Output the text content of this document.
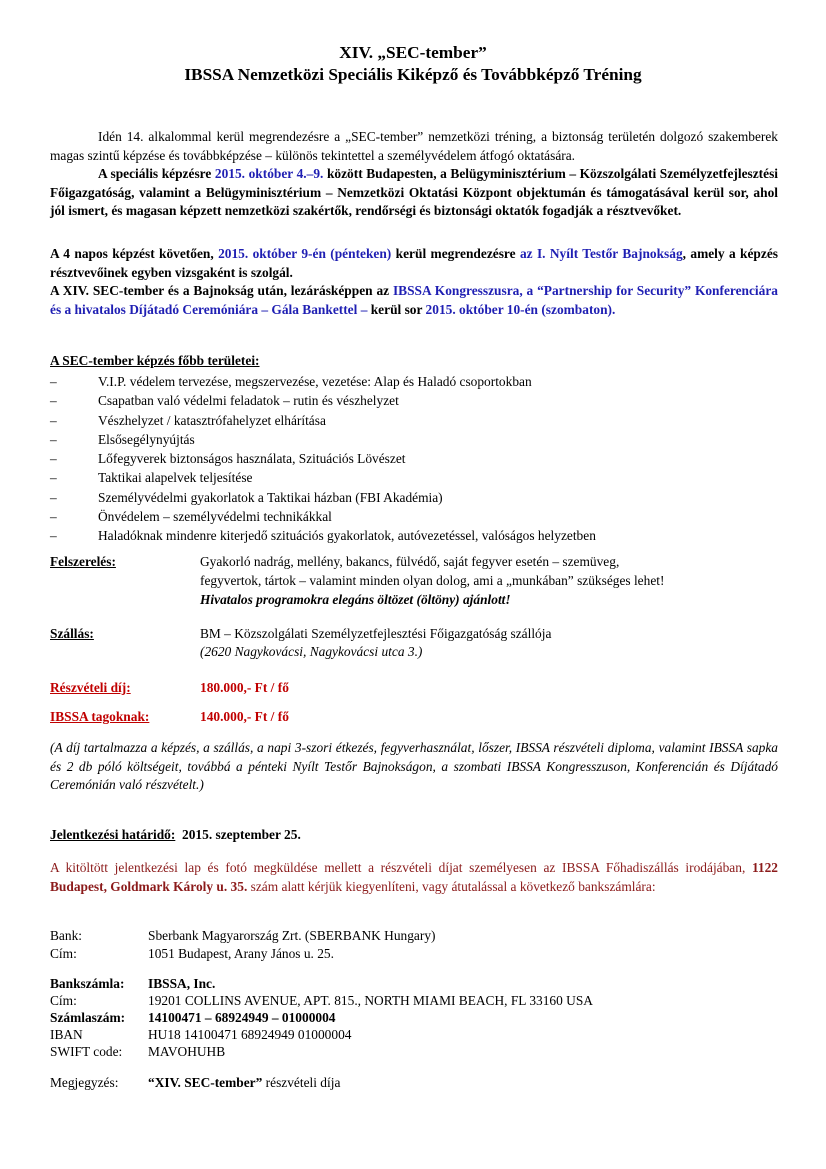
XIV. „SEC-tember”
IBSSA Nemzetközi Speciális Kiképző és Továbbképző Tréning
Idén 14. alkalommal kerül megrendezésre a „SEC-tember” nemzetközi tréning, a biztonság területén dolgozó szakemberek magas szintű képzése és továbbképzése – különös tekintettel a személyvédelem átfogó oktatására.
A speciális képzésre 2015. október 4.–9. között Budapesten, a Belügyminisztérium – Közszolgálati Személyzetfejlesztési Főigazgatóság, valamint a Belügyminisztérium – Nemzetközi Oktatási Központ objektumán és támogatásával kerül sor, ahol jól ismert, és magasan képzett nemzetközi szakértők, rendőrségi és biztonsági oktatók fogadják a résztvevőket.
A 4 napos képzést követően, 2015. október 9-én (pénteken) kerül megrendezésre az I. Nyílt Testőr Bajnokság, amely a képzés résztvevőinek egyben vizsgaként is szolgál.
A XIV. SEC-tember és a Bajnokság után, lezárásképpen az IBSSA Kongresszusra, a “Partnership for Security” Konferenciára és a hivatalos Díjátadó Ceremóniára – Gála Bankettel – kerül sor 2015. október 10-én (szombaton).
A SEC-tember képzés főbb területei:
–	V.I.P. védelem tervezése, megszervezése, vezetése: Alap és Haladó csoportokban
–	Csapatban való védelmi feladatok – rutin és vészhelyzet
–	Vészhelyzet / katasztrófahelyzet elhárítása
–	Elsősegélynyújtás
–	Lőfegyverek biztonságos használata, Szituációs Lövészet
–	Taktikai alapelvek teljesítése
–	Személyvédelmi gyakorlatok a Taktikai házban (FBI Akadémia)
–	Önvédelem – személyvédelmi technikákkal
–	Haladóknak mindenre kiterjedő szituációs gyakorlatok, autóvezetéssel, valóságos helyzetben
Felszerelés:	Gyakorló nadrág, mellény, bakancs, fülvédő, saját fegyver esetén – szemüveg,
fegyvertok, tártok – valamint minden olyan dolog, ami a „munkában” szükséges lehet!
Hivatalos programokra elegáns öltözet (öltöny) ajánlott!
Szállás:	BM – Közszolgálati Személyzetfejlesztési Főigazgatóság szállója
(2620 Nagykovácsi, Nagykovácsi utca 3.)
Részvételi díj:	180.000,- Ft / fő
IBSSA tagoknak:	140.000,- Ft / fő
(A díj tartalmazza a képzés, a szállás, a napi 3-szori étkezés, fegyverhasználat, lőszer, IBSSA részvételi diploma, valamint IBSSA sapka és 2 db póló költségeit, továbbá a pénteki Nyílt Testőr Bajnokságon, a szombati IBSSA Kongresszuson, Konferencián és Díjátadó Ceremónián való részvételt.)
Jelentkezési határidő: 2015. szeptember 25.
A kitöltött jelentkezési lap és fotó megküldése mellett a részvételi díjat személyesen az IBSSA Főhadiszállás irodájában, 1122 Budapest, Goldmark Károly u. 35. szám alatt kérjük kiegyenlíteni, vagy átutalással a következő bankszámlára:
Bank:	Sberbank Magyarország Zrt. (SBERBANK Hungary)
Cím:	1051 Budapest, Arany János u. 25.
Bankszámla: IBSSA, Inc.
Cím:	19201 COLLINS AVENUE, APT. 815., NORTH MIAMI BEACH, FL 33160 USA
Számlaszám: 14100471 – 68924949 – 01000004
IBAN	HU18 14100471 68924949 01000004
SWIFT code: MAVOHUHB
Megjegyzés: “XIV. SEC-tember” részvételi díja
